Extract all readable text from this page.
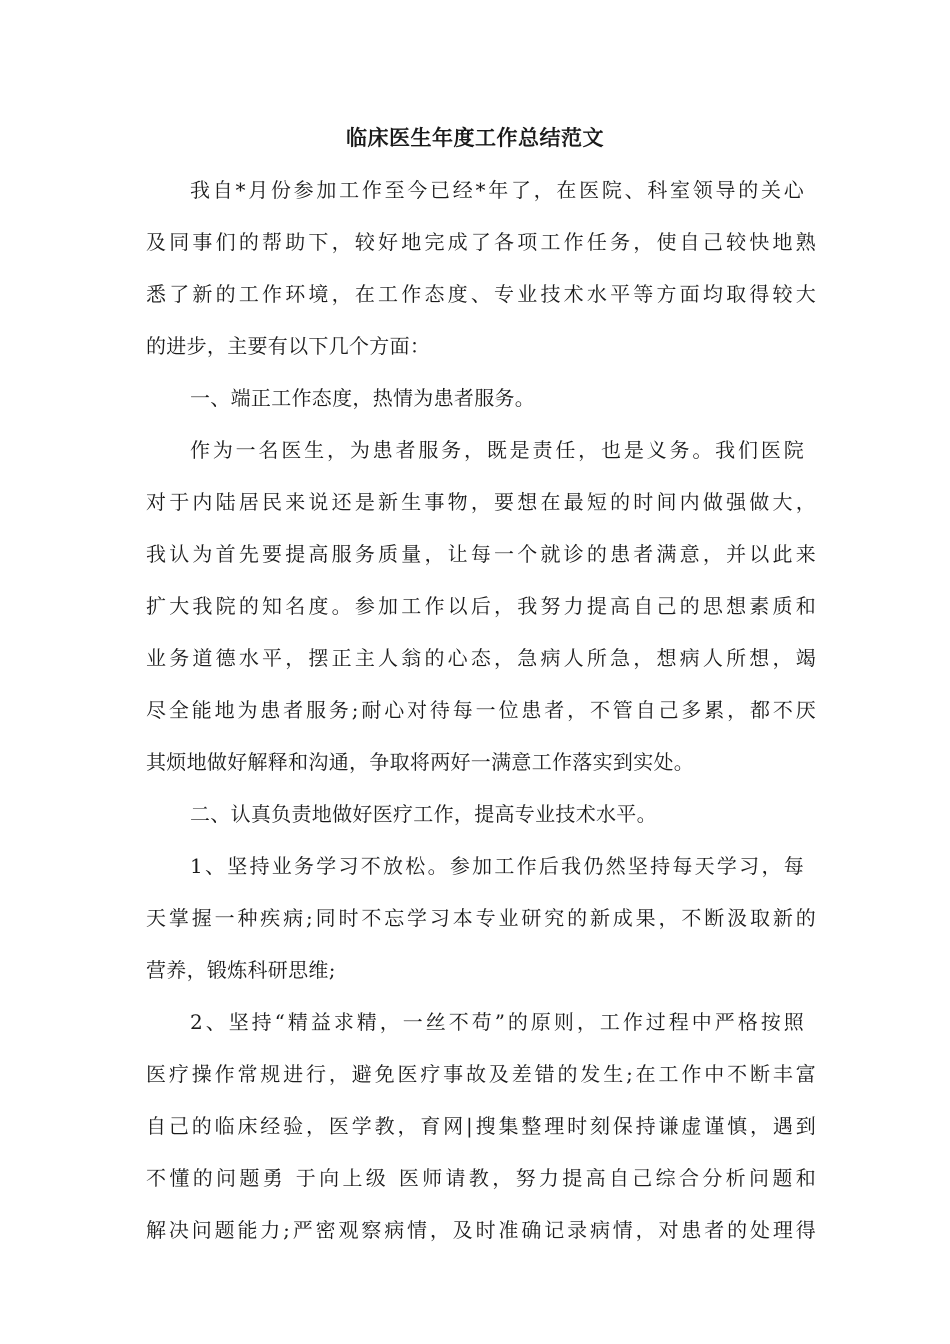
临床医生年度工作总结范文
我自*月份参加工作至今已经*年了，在医院、科室领导的关心
及同事们的帮助下，较好地完成了各项工作任务，使自己较快地熟
悉了新的工作环境，在工作态度、专业技术水平等方面均取得较大
的进步，主要有以下几个方面：
一、端正工作态度，热情为患者服务。
作为一名医生，为患者服务，既是责任，也是义务。我们医院
对于内陆居民来说还是新生事物，要想在最短的时间内做强做大，
我认为首先要提高服务质量，让每一个就诊的患者满意，并以此来
扩大我院的知名度。参加工作以后，我努力提高自己的思想素质和
业务道德水平，摆正主人翁的心态，急病人所急，想病人所想，竭
尽全能地为患者服务;耐心对待每一位患者，不管自己多累，都不厌
其烦地做好解释和沟通，争取将两好一满意工作落实到实处。
二、认真负责地做好医疗工作，提高专业技术水平。
1、坚持业务学习不放松。参加工作后我仍然坚持每天学习，每
天掌握一种疾病;同时不忘学习本专业研究的新成果，不断汲取新的
营养，锻炼科研思维;
2、坚持“精益求精，一丝不苟”的原则，工作过程中严格按照
医疗操作常规进行，避免医疗事故及差错的发生;在工作中不断丰富
自己的临床经验，医学教，育网|搜集整理时刻保持谦虚谨慎，遇到
不懂的问题勇 于向上级 医师请教，努力提高自己综合分析问题和
解决问题能力;严密观察病情，及时准确记录病情，对患者的处理得
